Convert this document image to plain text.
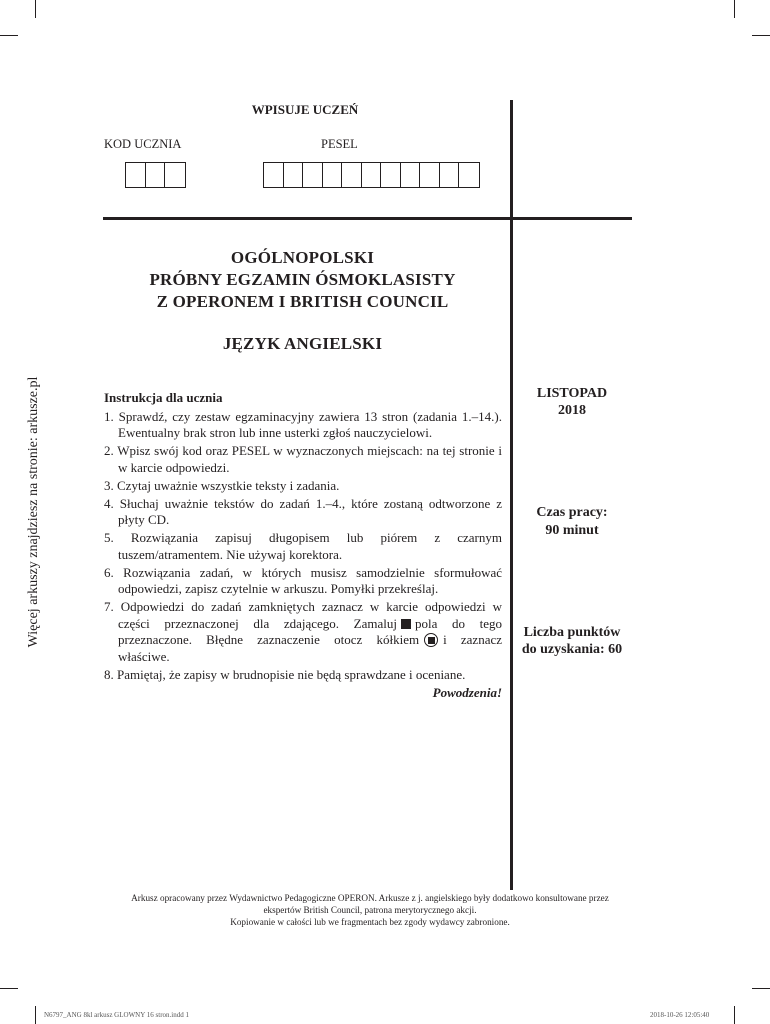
Więcej arkuszy znajdziesz na stronie: arkusze.pl
WPISUJE UCZEŃ
KOD UCZNIA	PESEL
OGÓLNOPOLSKI
PRÓBNY EGZAMIN ÓSMOKLASISTY
Z OPERONEM I BRITISH COUNCIL
JĘZYK ANGIELSKI
Instrukcja dla ucznia
1. Sprawdź, czy zestaw egzaminacyjny zawiera 13 stron (zadania 1.–14.). Ewentualny brak stron lub inne usterki zgłoś nauczycielowi.
2. Wpisz swój kod oraz PESEL w wyznaczonych miejscach: na tej stronie i w karcie odpowiedzi.
3. Czytaj uważnie wszystkie teksty i zadania.
4. Słuchaj uważnie tekstów do zadań 1.–4., które zostaną odtworzone z płyty CD.
5. Rozwiązania zapisuj długopisem lub piórem z czarnym tuszem/atramentem. Nie używaj korektora.
6. Rozwiązania zadań, w których musisz samodzielnie sformułować odpowiedzi, zapisz czytelnie w arkuszu. Pomyłki przekreślaj.
7. Odpowiedzi do zadań zamkniętych zaznacz w karcie odpowiedzi w części przeznaczonej dla zdającego. Zamaluj pola do tego przeznaczone. Błędne zaznaczenie otocz kółkiem i zaznacz właściwe.
8. Pamiętaj, że zapisy w brudnopisie nie będą sprawdzane i oceniane.
Powodzenia!
LISTOPAD
2018
Czas pracy:
90 minut
Liczba punktów
do uzyskania: 60
Arkusz opracowany przez Wydawnictwo Pedagogiczne OPERON. Arkusze z j. angielskiego były dodatkowo konsultowane przez
ekspertów British Council, patrona merytorycznego akcji.
Kopiowanie w całości lub we fragmentach bez zgody wydawcy zabronione.
N6797_ANG 8kl arkusz GLOWNY 16 stron.indd 1	2018-10-26 12:05:40
